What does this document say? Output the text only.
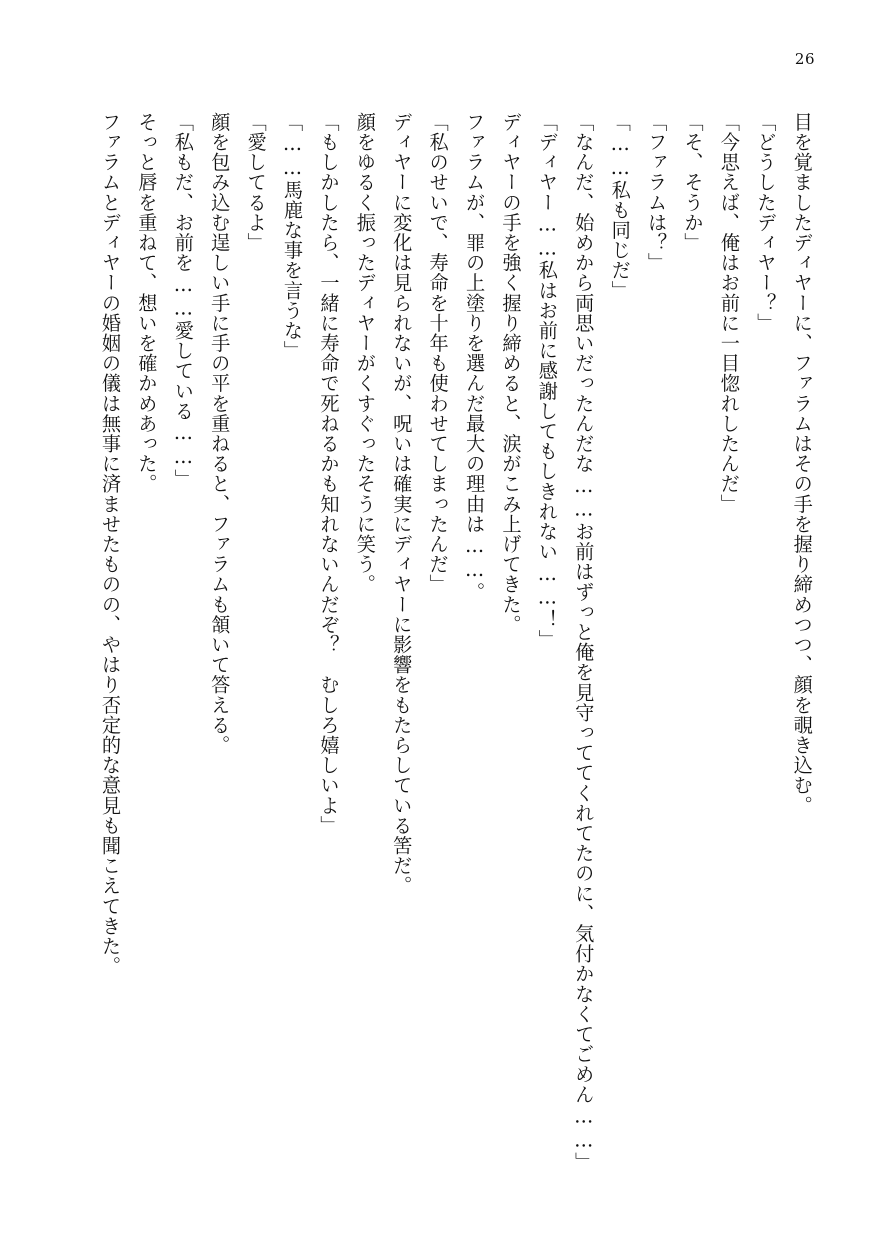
26
目を覚ましたディヤーに、ファラムはその手を握り締めつつ、顔を覗き込む。
「どうしたディヤー？」
「今思えば、俺はお前に一目惚れしたんだ」
「そ、そうか」
「ファラムは？」
「……私も同じだ」
「なんだ、始めから両思いだったんだな……お前はずっと俺を見守っててくれてたのに、気付かなくてごめん……」
「ディヤー……私はお前に感謝してもしきれない……！」
ディヤーの手を強く握り締めると、涙がこみ上げてきた。
ファラムが、罪の上塗りを選んだ最大の理由は……。
「私のせいで、寿命を十年も使わせてしまったんだ」
ディヤーに変化は見られないが、呪いは確実にディヤーに影響をもたらしている筈だ。
顔をゆるく振ったディヤーがくすぐったそうに笑う。
「もしかしたら、一緒に寿命で死ねるかも知れないんだぞ？　むしろ嬉しいよ」
「……馬鹿な事を言うな」
「愛してるよ」
顔を包み込む逞しい手に手の平を重ねると、ファラムも頷いて答える。
「私もだ、お前を……愛している……」
そっと唇を重ねて、想いを確かめあった。
ファラムとディヤーの婚姻の儀は無事に済ませたものの、やはり否定的な意見も聞こえてきた。
